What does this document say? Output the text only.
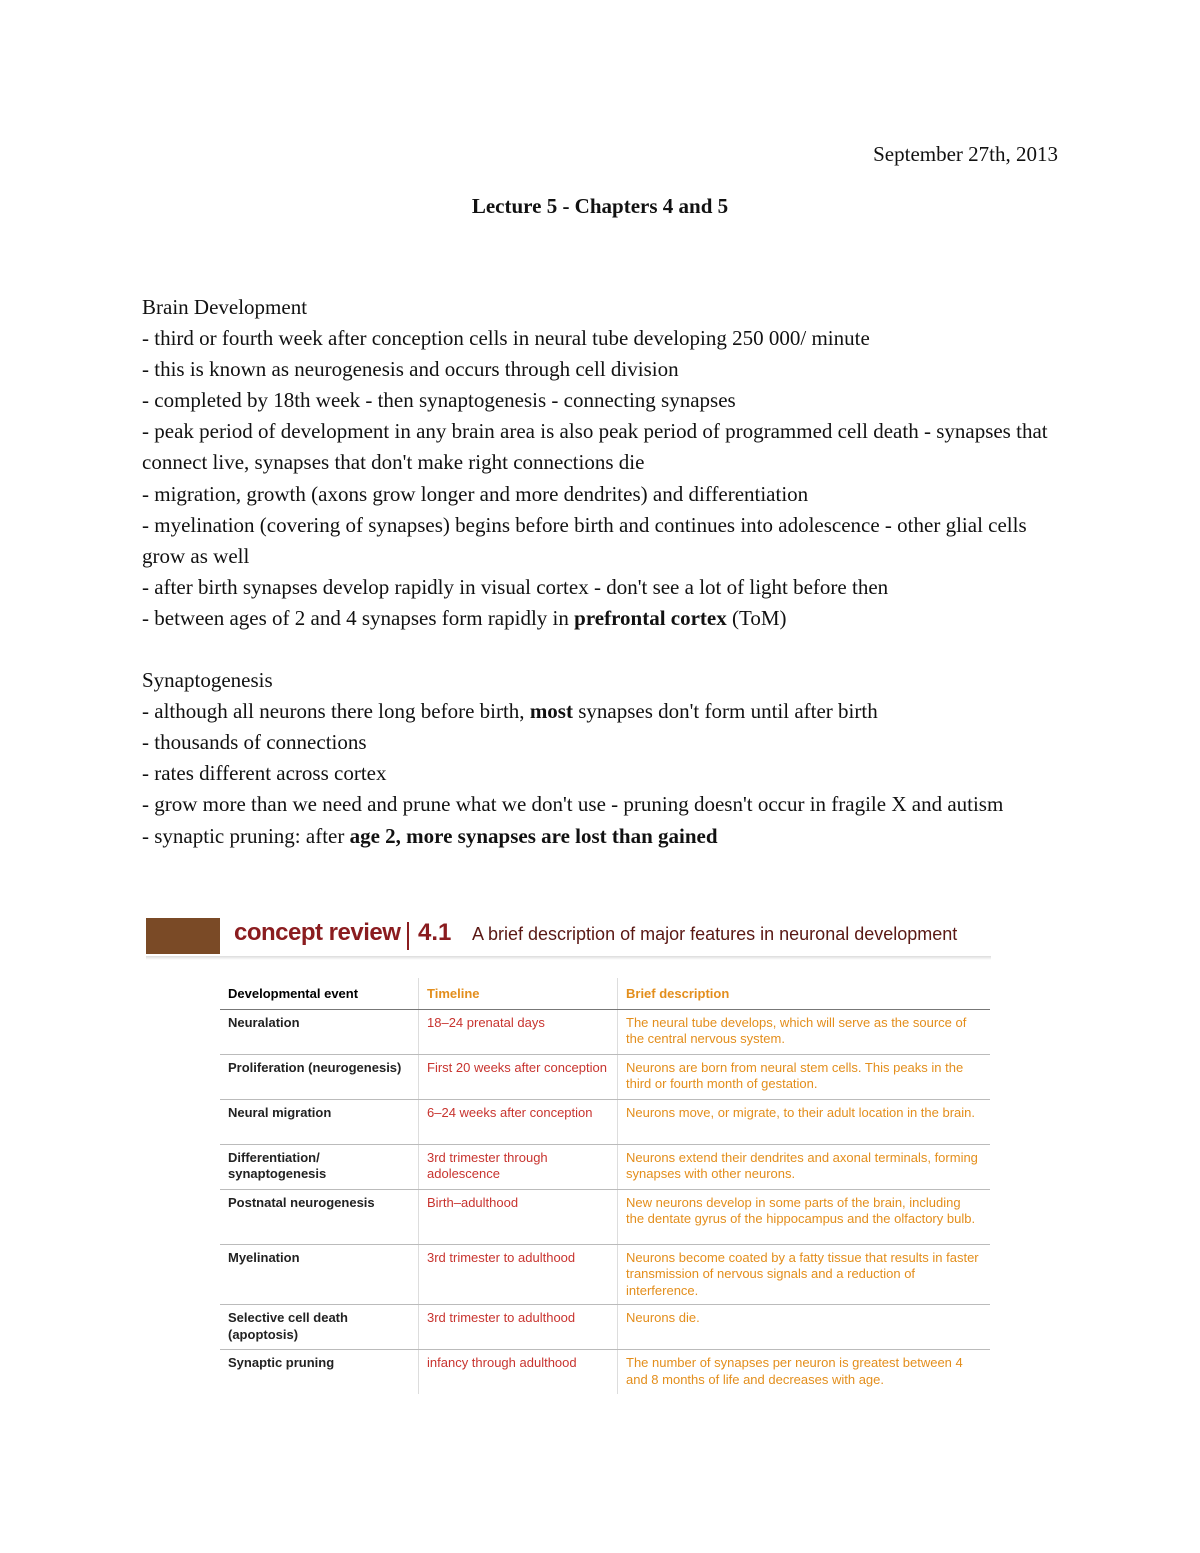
September 27th, 2013
Lecture 5 - Chapters 4 and 5

Brain Development

- third or fourth week after conception cells in neural tube developing 250 000/ minute

- this is known as neurogenesis and occurs through cell division

- completed by 18th week - then synaptogenesis - connecting synapses

- peak period of development in any brain area is also peak period of programmed cell death - synapses that connect live, synapses that don't make right connections die

- migration, growth (axons grow longer and more dendrites) and differentiation

- myelination (covering of synapses) begins before birth and continues into adolescence - other glial cells grow as well

- after birth synapses develop rapidly in visual cortex - don't see a lot of light before then

- between ages of 2 and 4 synapses form rapidly in prefrontal cortex (ToM)

Synaptogenesis

- although all neurons there long before birth, most synapses don't form until after birth

- thousands of connections

- rates different across cortex

- grow more than we need and prune what we don't use - pruning doesn't occur in fragile X and autism

- synaptic pruning: after age 2, more synapses are lost than gained

concept review 4.1 A brief description of major features in neuronal development
Developmental event	Timeline	Brief description
Neuralation	18–24 prenatal days	The neural tube develops, which will serve as the source of the central nervous system.
Proliferation (neurogenesis)	First 20 weeks after conception	Neurons are born from neural stem cells. This peaks in the third or fourth month of gestation.
Neural migration	6–24 weeks after conception	Neurons move, or migrate, to their adult location in the brain.
Differentiation/ synaptogenesis	3rd trimester through adolescence	Neurons extend their dendrites and axonal terminals, forming synapses with other neurons.
Postnatal neurogenesis	Birth–adulthood	New neurons develop in some parts of the brain, including the dentate gyrus of the hippocampus and the olfactory bulb.
Myelination	3rd trimester to adulthood	Neurons become coated by a fatty tissue that results in faster transmission of nervous signals and a reduction of interference.
Selective cell death (apoptosis)	3rd trimester to adulthood	Neurons die.
Synaptic pruning	infancy through adulthood	The number of synapses per neuron is greatest between 4 and 8 months of life and decreases with age.
